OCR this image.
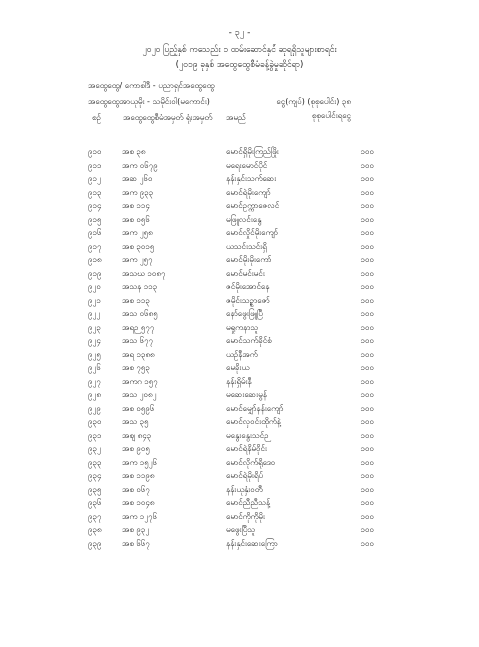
- ၃၂ -
၂၀၂၀ ပြည့်နှစ် ကသေည်း ၁ ထမ်းဆောင်နှင်ံ ဆုရရှိသူများစာရင်း
(၂၀၁၉ ခုနှစ် အထွေထွေစီမံခန့်ခွဲမှုဆိုင်ရာ)
အထွေထွေ/ ကောစါဒီ - ပညာရှင်အထွေထွေ
အထွေထွေအာယုမိုး - သမိုင်းဝါ(မကောင်း)	ငွေ(ကျပ်) (စုစုပေါင်း) ၃၈
စဉ်	အထွေထွေစီမံအမှတ် ရုံးအမှတ် အမည်	စုစုပေါင်းရငွေ
၉၁၀	အစ ၃၈	မောင်ရှိမိုးကြည်ဖြိုး	၁၀၀
၉၁၁	အက ၀၆၇၉	မရေးမောင်ပိုင်	၁၀၀
၉၁၂	အဆ ၂၆၀	နန်းနှင်းသက်ဆေး	၁၀၀
၉၁၃	အက ၉၃၃	မောင်ရဲမိုးကျော်	၁၀၀
၉၁၄	အစ ၁၁၄	မောင်ဥက္ကာဇေလင်	၁၀၀
၉၁၅	အစ ၀၅၆	မဖြူလင်းနွေ	၁၀၀
၉၁၆	အက ၂၅၈	မောင်လှိုင်မိုးကျော်	၁၀၀
၉၁၇	အစ ၃၀၁၅	ယသင်းသင်းရှိ	၁၀၀
၉၁၈	အက ၂၅၇	မောင်မိုးမိုးကော်	၁၀၀
၉၁၉	အသဃ ၁၀၈၇	မောင်မင်းမင်း	၁၀၀
၉၂၀	အသန ၁၁၃	ဇင်မိုးအောင်နေ	၁၀၀
၉၂၁	အစ ၁၁၃	ဇမိုင်းသဉ္စာဇော်	၁၀၀
၉၂၂	အသ ၀၆၈၅	နော်ဖွေးဖြူပြီ	၁၀၀
၉၂၃	အရဉ ၅၇၇	မရှုကနာသူ	၁၀၀
၉၂၄	အသ ၆၇၇	မောင်သက်ခိုင်စံ	၁၀၀
၉၂၅	အရ ၁၃၈၈	ယဉ်နီအက်	၁၀၀
၉၂၆	အစ ၇၅၃	မေခိုးယ	၁၀၀
၉၂၇	အကဂ ၁၅၇	နန်းရှိမ်းနီ	၁၀၀
၉၂၈	အသ ၂၀၈၂	မဆေးဆေးမွန်	၁၀၀
၉၂၉	အစ ၀၅၉၆	မောင်မျှော်နန်းကျော်	၁၀၀
၉၃၀	အသ ၃၅	မောင်လှဝင်းထိုက်နဲ့	၁၀၀
၉၃၁	အစျ ၈၄၃	မနွေးနွေးသင်ဉ	၁၀၀
၉၃၂	အစ ၉၀၅	မောင်ရဲနိမ်ဝိုင်း	၁၀၀
၉၃၃	အက ၁၅၂၆	မောင်လိုက်ရိုဒေဝ	၁၀၀
၉၃၄	အစ ၁၁၉၈	မောင်ရဲမိုးရိပ်	၁၀၀
၉၃၅	အစ ၀၆၇	နန်းယုနှံးဝတီ	၁၀၀
၉၃၆	အစ ၁၀၄၈	မောင်ညီညီသန့်	၁၀၀
၉၃၇	အက ၁၂၇၆	မောင်ကိုကိုမိုး	၁၀၀
၉၃၈	အစ ၉၃၂	မဖွေးပြီသူ	၁၀၀
၉၃၉	အစ ၆၆၇	နန်းနှင်းဆေးကြော	၁၀၀
